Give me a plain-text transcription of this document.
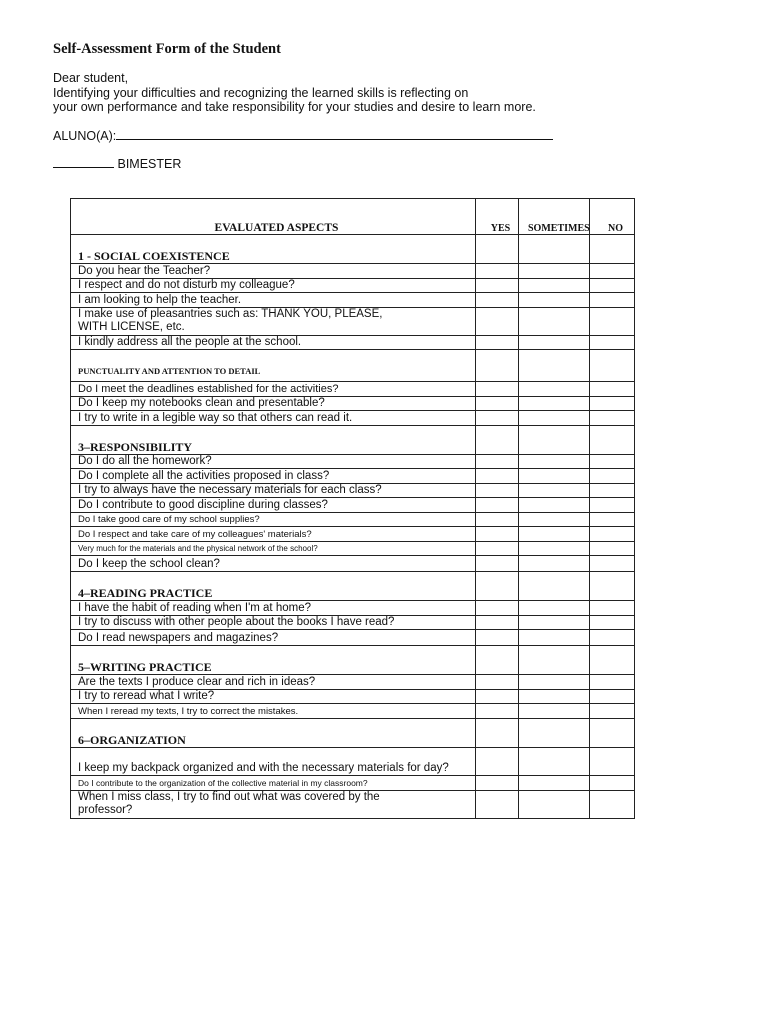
Self-Assessment Form of the Student
Dear student,
Identifying your difficulties and recognizing the learned skills is reflecting on
your own performance and take responsibility for your studies and desire to learn more.
ALUNO(A):
BIMESTER
EVALUATED ASPECTS	YES	SOMETIMES	NO
1 - SOCIAL COEXISTENCE			
Do you hear the Teacher?			
I respect and do not disturb my colleague?			
I am looking to help the teacher.			
I make use of pleasantries such as: THANK YOU, PLEASE, WITH LICENSE, etc.			
I kindly address all the people at the school.			
PUNCTUALITY AND ATTENTION TO DETAIL			
Do I meet the deadlines established for the activities?			
Do I keep my notebooks clean and presentable?			
I try to write in a legible way so that others can read it.			
3–RESPONSIBILITY			
Do I do all the homework?			
Do I complete all the activities proposed in class?			
I try to always have the necessary materials for each class?			
Do I contribute to good discipline during classes?			
Do I take good care of my school supplies?			
Do I respect and take care of my colleagues' materials?			
Very much for the materials and the physical network of the school?			
Do I keep the school clean?			
4–READING PRACTICE			
I have the habit of reading when I'm at home?			
I try to discuss with other people about the books I have read?			
Do I read newspapers and magazines?			
5–WRITING PRACTICE			
Are the texts I produce clear and rich in ideas?			
I try to reread what I write?			
When I reread my texts, I try to correct the mistakes.			
6–ORGANIZATION			
I keep my backpack organized and with the necessary materials for day?			
Do I contribute to the organization of the collective material in my classroom?			
When I miss class, I try to find out what was covered by the professor?			
